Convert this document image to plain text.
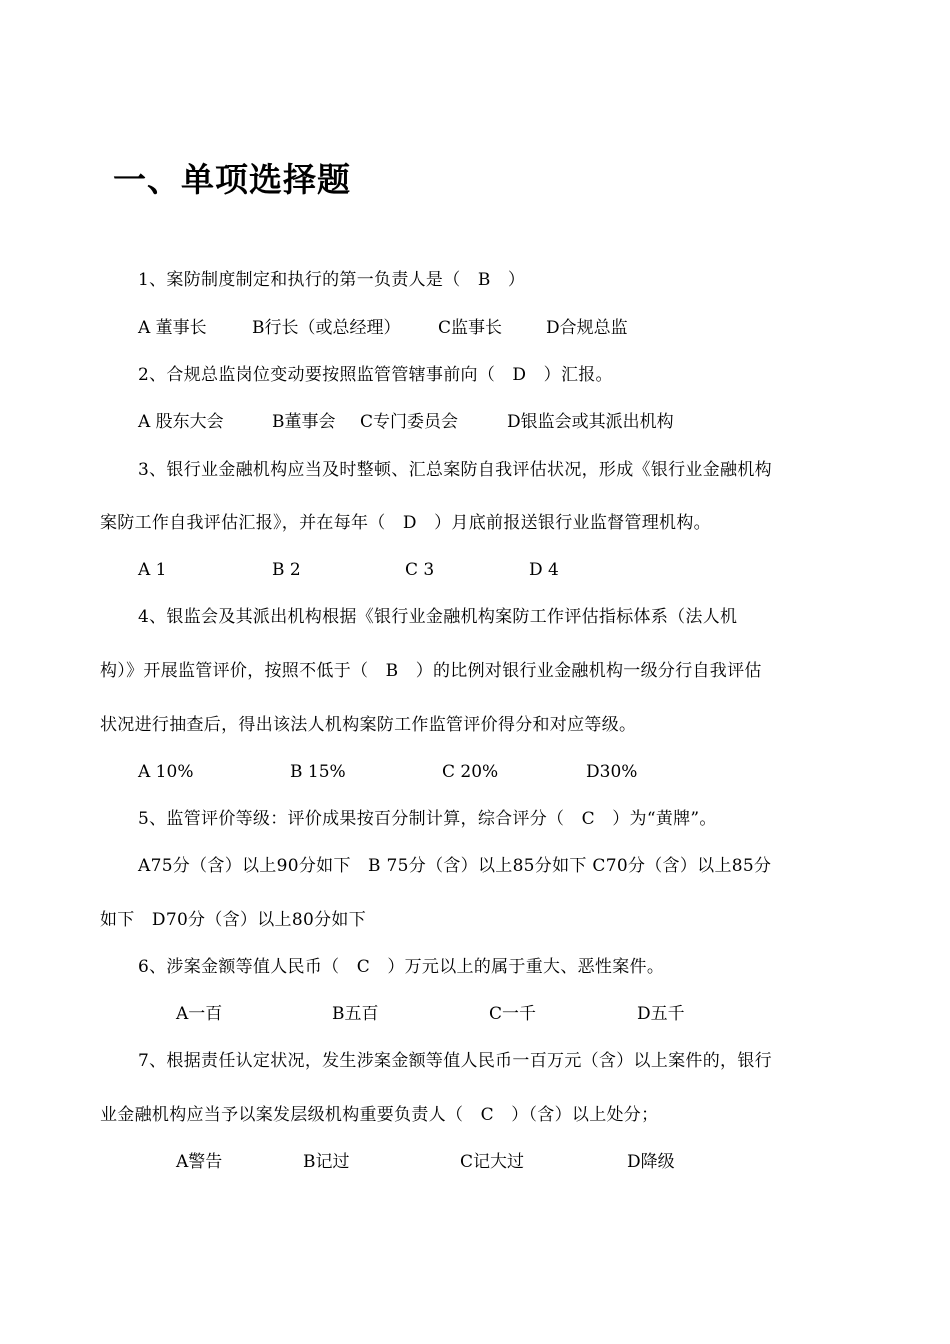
一、单项选择题
1、案防制度制定和执行的第一负责人是（　B　）
A 董事长	B行长（或总经理） C监事长	D合规总监
2、合规总监岗位变动要按照监管管辖事前向（　D　）汇报。
A 股东大会	B董事会 C专门委员会	D银监会或其派出机构
3、银行业金融机构应当及时整顿、汇总案防自我评估状况，形成《银行业金融机构
案防工作自我评估汇报》，并在每年（　D　）月底前报送银行业监督管理机构。
A 1	B 2	C 3	D 4
4、银监会及其派出机构根据《银行业金融机构案防工作评估指标体系（法人机
构）》开展监管评价，按照不低于（　B　）的比例对银行业金融机构一级分行自我评估
状况进行抽查后，得出该法人机构案防工作监管评价得分和对应等级。
A 10%	B 15%	C 20%	D30%
5、监管评价等级：评价成果按百分制计算，综合评分（　C　）为“黄牌”。
A75分（含）以上90分如下　B 75分（含）以上85分如下 C70分（含）以上85分
如下　D70分（含）以上80分如下
6、涉案金额等值人民币（　C　）万元以上的属于重大、恶性案件。
A一百	B五百	C一千	D五千
7、根据责任认定状况，发生涉案金额等值人民币一百万元（含）以上案件的，银行
业金融机构应当予以案发层级机构重要负责人（　C　）（含）以上处分；
A警告	B记过	C记大过	D降级
